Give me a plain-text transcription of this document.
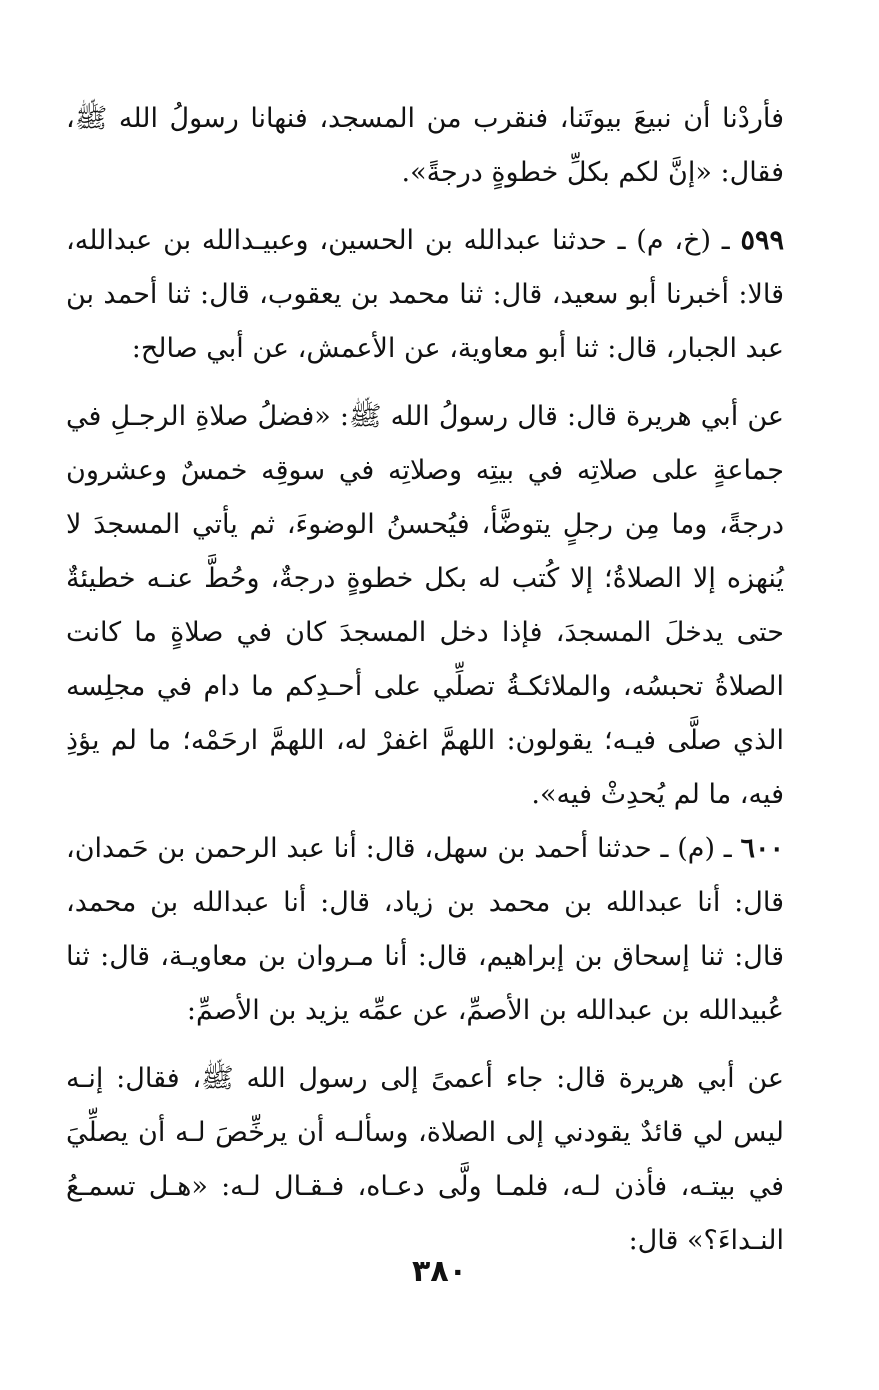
فأردْنا أن نبيعَ بيوتَنا، فنقرب من المسجد، فنهانا رسولُ الله ﷺ، فقال: «إنَّ لكم بكلِّ خطوةٍ درجةً».

٥٩٩ ـ (خ، م) ـ حدثنا عبدالله بن الحسين، وعبيـدالله بن عبدالله، قالا: أخبرنا أبو سعيد، قال: ثنا محمد بن يعقوب، قال: ثنا أحمد بن عبد الجبار، قال: ثنا أبو معاوية، عن الأعمش، عن أبي صالح:

عن أبي هريرة قال: قال رسولُ الله ﷺ: «فضلُ صلاةِ الرجـلِ في جماعةٍ على صلاتِه في بيتِه وصلاتِه في سوقِه خمسٌ وعشرون درجةً، وما مِن رجلٍ يتوضَّأ، فيُحسنُ الوضوءَ، ثم يأتي المسجدَ لا يُنهزه إلا الصلاةُ؛ إلا كُتب له بكل خطوةٍ درجةٌ، وحُطَّ عنـه خطيئةٌ حتى يدخلَ المسجدَ، فإذا دخل المسجدَ كان في صلاةٍ ما كانت الصلاةُ تحبسُه، والملائكـةُ تصلِّي على أحـدِكم ما دام في مجلِسه الذي صلَّى فيـه؛ يقولون: اللهمَّ اغفرْ له، اللهمَّ ارحَمْه؛ ما لم يؤذِ فيه، ما لم يُحدِثْ فيه».

٦٠٠ ـ (م) ـ حدثنا أحمد بن سهل، قال: أنا عبد الرحمن بن حَمدان، قال: أنا عبدالله بن محمد بن زياد، قال: أنا عبدالله بن محمد، قال: ثنا إسحاق بن إبراهيم، قال: أنا مـروان بن معاويـة، قال: ثنا عُبيدالله بن عبدالله بن الأصمِّ، عن عمِّه يزيد بن الأصمِّ:

عن أبي هريرة قال: جاء أعمىً إلى رسول الله ﷺ، فقال: إنـه ليس لي قائدٌ يقودني إلى الصلاة، وسألـه أن يرخِّصَ لـه أن يصلِّيَ في بيتـه، فأذن لـه، فلمـا ولَّى دعـاه، فـقـال لـه: «هـل تسمـعُ النـداءَ؟» قال:

٣٨٠
